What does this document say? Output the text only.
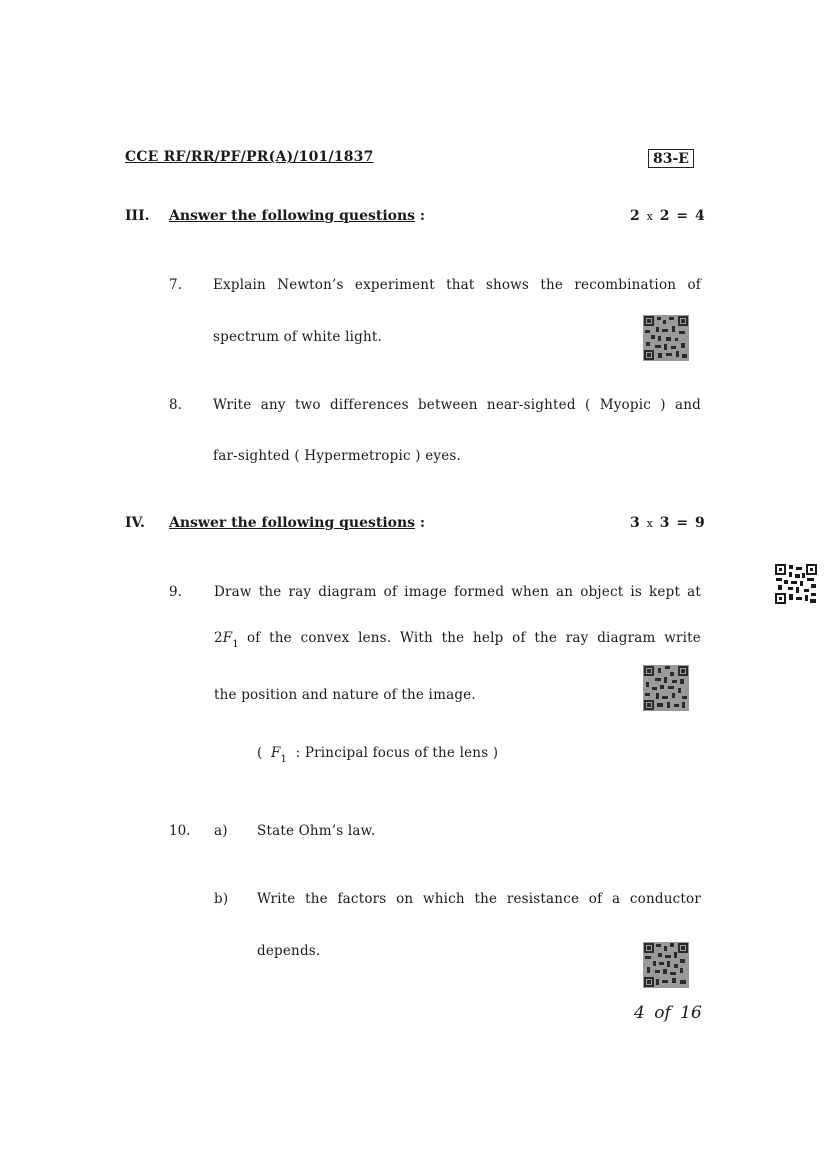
CCE RF/RR/PF/PR(A)/101/1837	83-E
III. Answer the following questions :	2 x 2 = 4
7. Explain Newton’s experiment that shows the recombination of
spectrum of white light.
8. Write any two differences between near-sighted ( Myopic ) and
far-sighted ( Hypermetropic ) eyes.
IV. Answer the following questions :	3 x 3 = 9
9. Draw the ray diagram of image formed when an object is kept at
2 F 1 of the convex lens. With the help of the ray diagram write
the position and nature of the image.
( $F_1$ : Principal focus of the lens )
10. a) State Ohm’s law.
b) Write the factors on which the resistance of a conductor
depends.
4 of 16
